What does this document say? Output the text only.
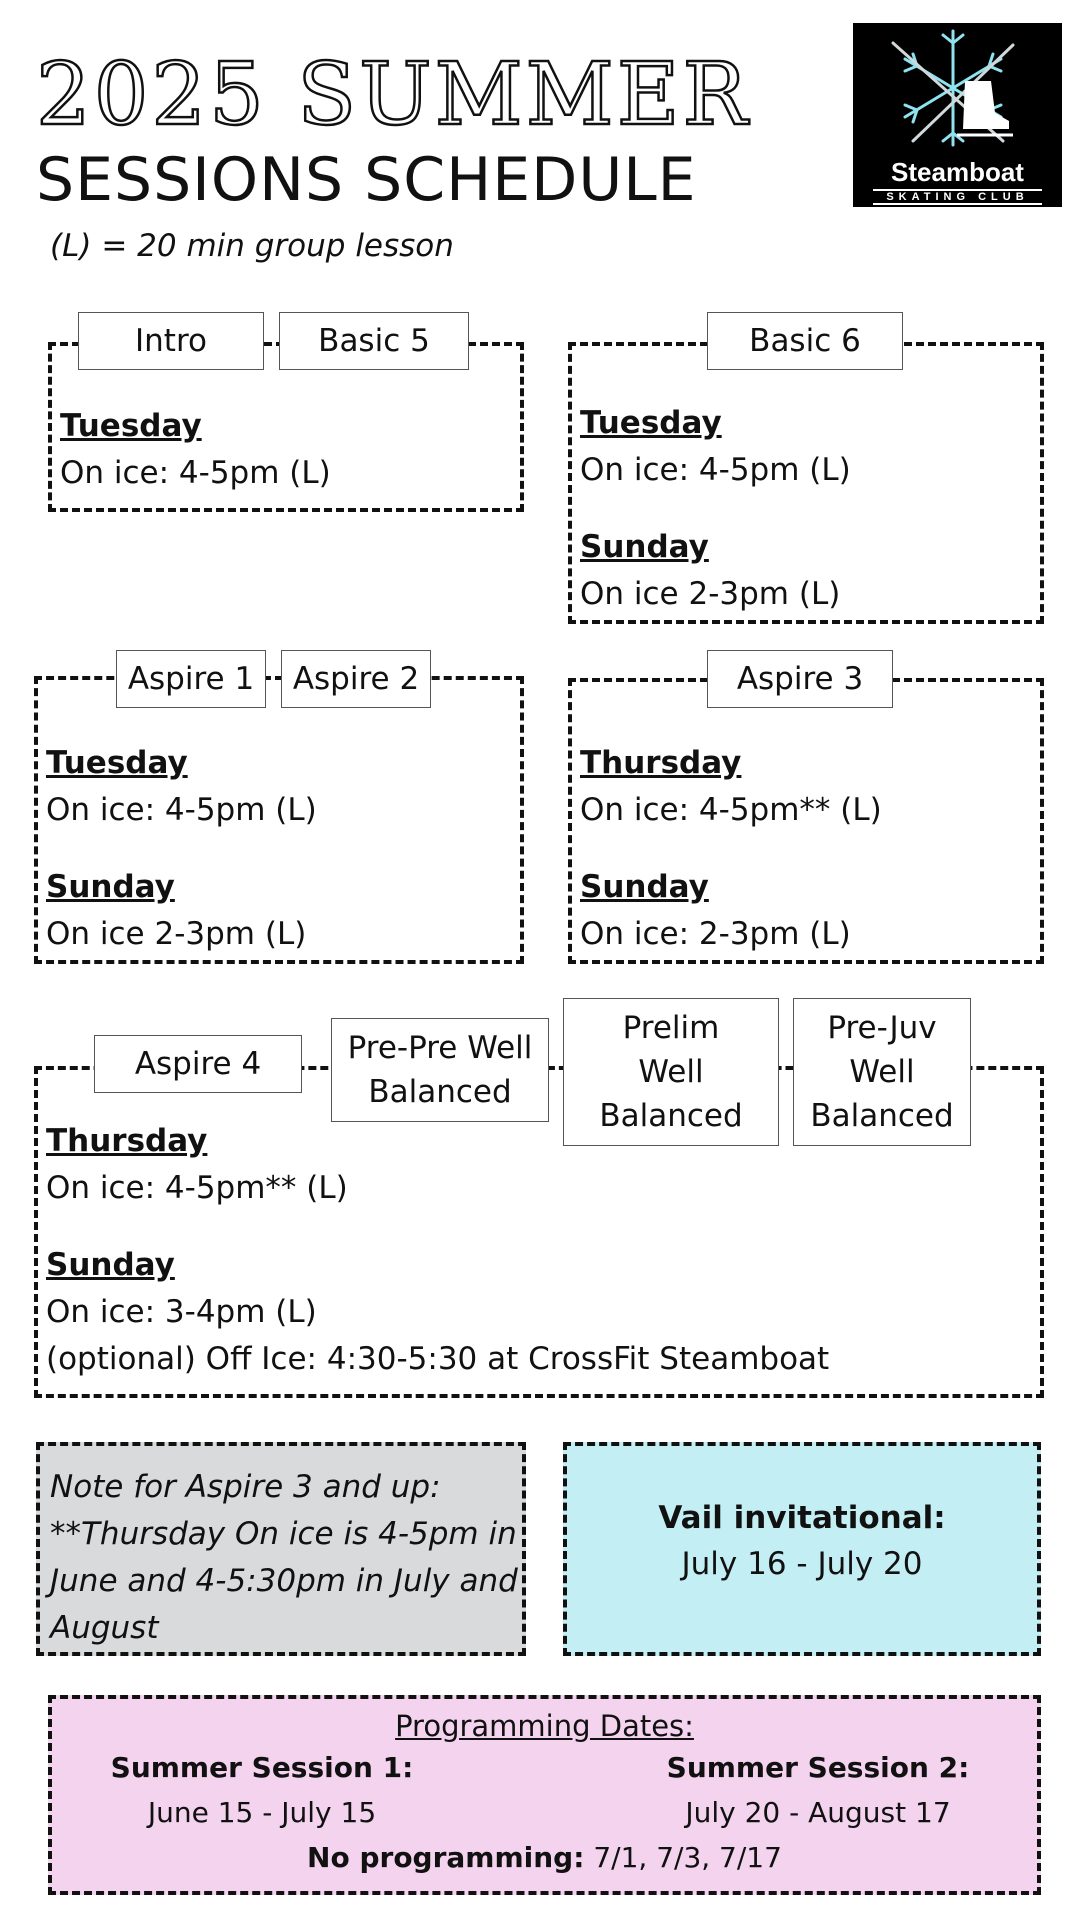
2025 SUMMER
SESSIONS SCHEDULE
(L) = 20 min group lesson
Steamboat
SKATING CLUB
Intro	Basic 5
Tuesday
On ice: 4-5pm (L)
Basic 6
Tuesday
On ice: 4-5pm (L)
Sunday
On ice 2-3pm (L)
Aspire 1	Aspire 2
Tuesday
On ice: 4-5pm (L)
Sunday
On ice 2-3pm (L)
Aspire 3
Thursday
On ice: 4-5pm** (L)
Sunday
On ice: 2-3pm (L)
Aspire 4	Pre-Pre Well
Balanced
Prelim
Well
Balanced
Pre-Juv
Well
Balanced
Thursday
On ice: 4-5pm** (L)
Sunday
On ice: 3-4pm (L)
(optional) Off Ice: 4:30-5:30 at CrossFit Steamboat
Note for Aspire 3 and up: **Thursday On ice is 4-5pm in June and 4-5:30pm in July and August
Vail invitational:
July 16 - July 20
Programming Dates:
Summer Session 1:
June 15 - July 15
Summer Session 2:
July 20 - August 17
No programming: 7/1, 7/3, 7/17
